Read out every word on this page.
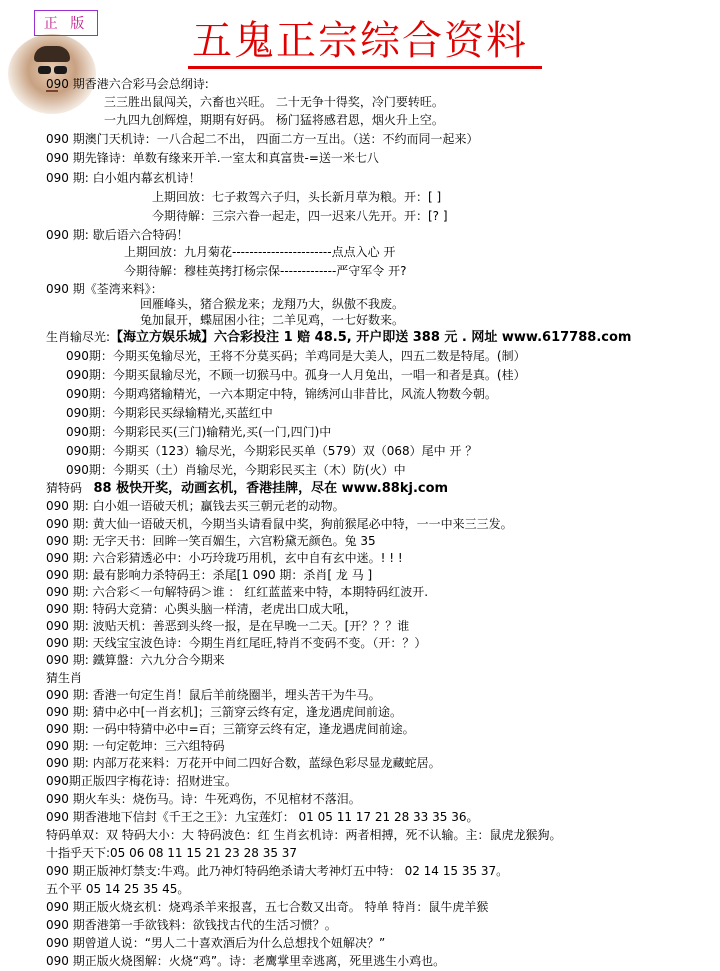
正 版	五鬼正宗综合资料
090 期香港六合彩马会总纲诗:
三三胜出鼠闯关，六畜也兴旺。 二十无争十得奖，冷门要转旺。
一九四九创辉煌，期期有好码。 杨门猛将感君恩，烟火升上空。
090 期澳门天机诗：一八合起二不出， 四面二方一互出。（送：不约而同一起来）
090 期先锋诗：单数有缘来开羊.一室太和真富贵-=送一米七八
090 期: 白小姐内幕玄机诗！
上期回放：七子救驾六子归，头长新月草为粮。开：[ ]
今期待解：三宗六眷一起走，四一迟来八先开。开：[? ]
090 期: 歇后语六合特码！
上期回放：九月菊花-----------------------点点入心 开
今期待解：穆桂英拷打杨宗保-------------严守军令 开?
090 期《荃湾来料》：
回雁峰头，猪合猴龙来；龙翔乃大，纵傲不我废。
兔加鼠开，蝶屈困小往；二羊见鸡，一七好数来。
生肖输尽光:【海立方娱乐城】六合彩投注 1 赔 48.5, 开户即送 388 元 . 网址 www.617788.com
090期：今期买兔输尽光，王将不分莫买码；羊鸡同是大美人，四五二数是特尾。(制）
090期：今期买鼠输尽光，不顾一切猴马中。孤身一人月兔出，一唱一和者是真。(桂）
090期：今期鸡猪输精光，一六本期定中特，锦绣河山非昔比，风流人物数今朝。
090期：今期彩民买绿输精光,买蓝红中
090期：今期彩民买(三门)输精光,买(一门,四门)中
090期：今期买（123）输尽光，今期彩民买单（579）双（068）尾中 开 ？
090期：今期买（土）肖输尽光，今期彩民买主（木）防(火）中
猜特码 88 极快开奖，动画玄机，香港挂牌，尽在 www.88kj.com
090 期: 白小姐一语破天机；贏钱去买三朝元老的动物。
090 期: 黄大仙一语破天机，今期当头请看鼠中奖，狗前猴尾必中特，一一中来三三发。
090 期: 无字天书：回眸一笑百媚生，六宫粉黛无颜色。兔 35
090 期: 六合彩猜透必中：小巧玲珑巧用机，玄中自有玄中迷。! ! !
090 期: 最有影响力杀特码王：杀尾[1 090 期：杀肖[ 龙 马 ]
090 期: 六合彩＜一句解特码＞谁 ： 红红蓝蓝来中特，本期特码红波开.
090 期: 特码大竞猜：心舆头脑一样清，老虎出口成大吼，
090 期: 波贴天机：善恶到头终一报，是在早晚一二天。[开？？？谁
090 期: 天线宝宝波色诗：今期生肖红尾旺,特肖不变码不变。（开：？）
090 期: 鐵算盤：六九分合今期来
猜生肖
090 期: 香港一句定生肖！鼠后羊前绕圈半，埋头苦干为牛马。
090 期: 猜中必中[一肖玄机]；三箭穿云终有定，逢龙遇虎间前途。
090 期: 一码中特猜中必中=百；三箭穿云终有定，逢龙遇虎间前途。
090 期: 一句定乾坤：三六组特码
090 期: 内部万花来料：万花开中间二四好合数，蓝绿色彩尽显龙藏蛇居。
090期正版四字梅花诗：招财进宝。
090 期火车头：烧伤马。诗：牛死鸡伤，不见棺材不落泪。
090 期香港地下信封《千王之王》：九宝莲灯： 01 05 11 17 21 28 33 35 36。
特码单双：双 特码大小：大 特码波色：红 生肖玄机诗：两者相搏，死不认输。主：鼠虎龙猴狗。
十指乎天下:05 06 08 11 15 21 23 28 35 37
090 期正版神灯禁支:牛鸡。此乃神灯特码绝杀请大考神灯五中特： 02 14 15 35 37。
五个平 05 14 25 35 45。
090 期正版火烧玄机：烧鸡杀羊来报喜，五七合数又出奇。 特单 特肖：鼠牛虎羊猴
090 期香港第一手欲钱料：欲钱找古代的生活习惯？。
090 期曾道人说：“男人二十喜欢酒后为什么总想找个妞解决？”
090 期正版火烧图解：火烧“鸡”。诗：老鹰掌里幸逃离，死里逃生小鸡也。
